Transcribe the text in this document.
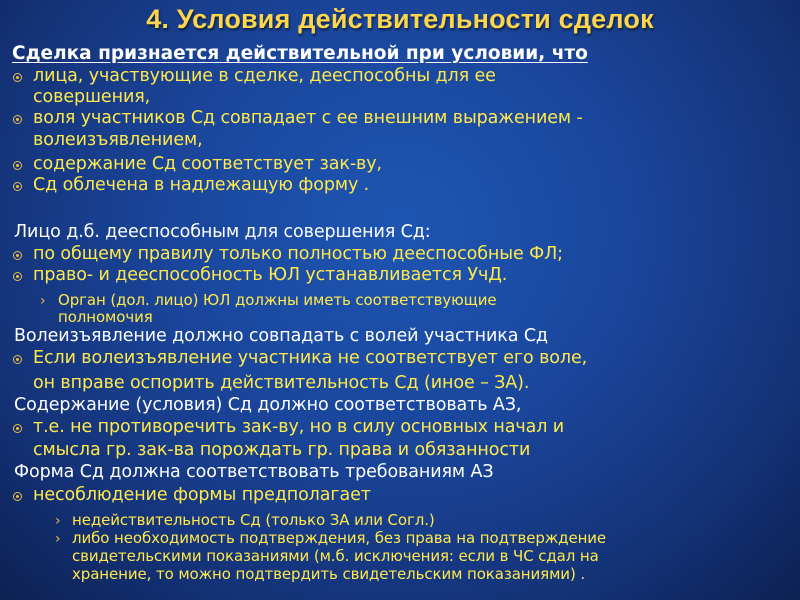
4. Условия действительности сделок
Сделка признается действительной при условии, что
›
›
›
лица, участвующие в сделке, дееспособны для ее
совершения,
воля участников Сд совпадает с ее внешним выражением -
волеизъявлением,
содержание Сд соответствует зак-ву,
Сд облечена в надлежащую форму .
Лицо д.б. дееспособным для совершения Сд:
по общему правилу только полностью дееспособные ФЛ;
право- и дееспособность ЮЛ устанавливается УчД.
Орган (дол. лицо) ЮЛ должны иметь соответствующие
полномочия
Волеизъявление должно совпадать с волей участника Сд
Если волеизъявление участника не соответствует его воле,
он вправе оспорить действительность Сд (иное – ЗА).
Содержание (условия) Сд должно соответствовать АЗ,
т.е. не противоречить зак-ву, но в силу основных начал и
смысла гр. зак-ва порождать гр. права и обязанности
Форма Сд должна соответствовать требованиям АЗ
несоблюдение формы предполагает
недействительность Сд (только ЗА или Согл.)
либо необходимость подтверждения, без права на подтверждение
свидетельскими показаниями (м.б. исключения: если в ЧС сдал на
хранение, то можно подтвердить свидетельским показаниями) .
